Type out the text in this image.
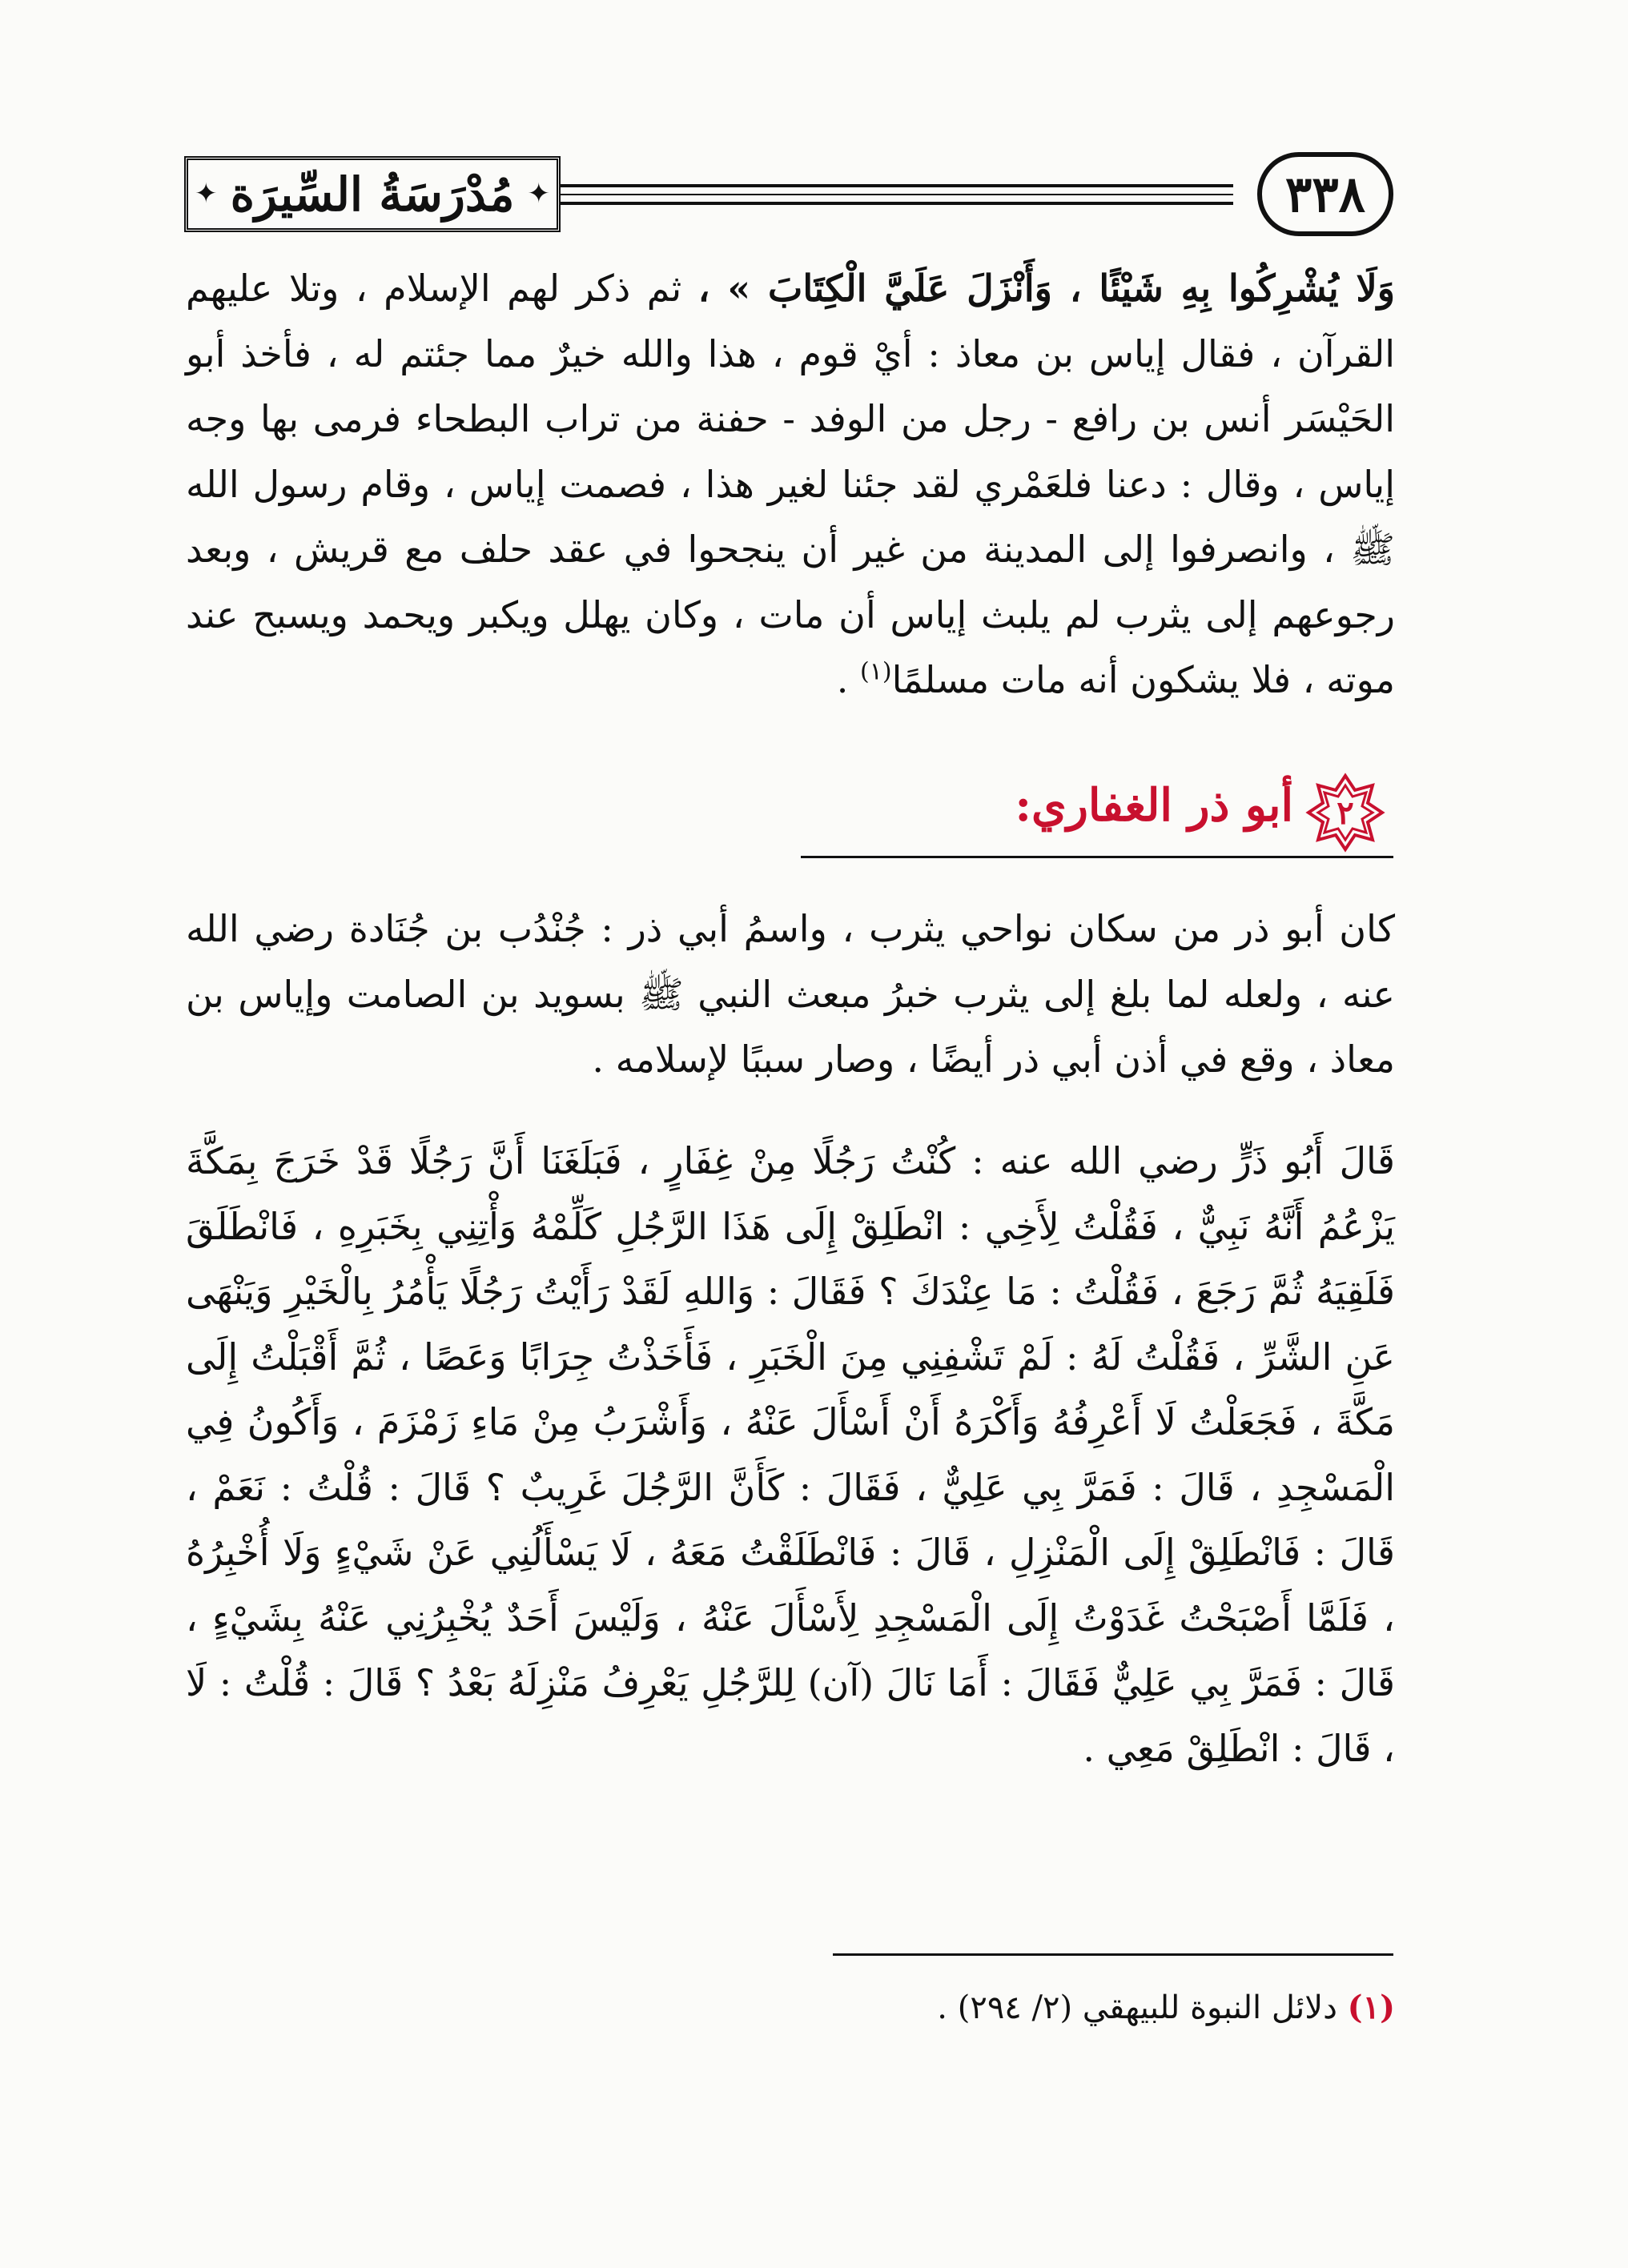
✦ مُدْرَسَةُ السِّيرَة
✦	٣٣٨
وَلَا يُشْرِكُوا بِهِ شَيْئًا ، وَأَنْزَلَ عَلَيَّ الْكِتَابَ » ، ثم ذكر لهم الإسلام ، وتلا عليهم القرآن ، فقال إياس بن معاذ : أيْ قوم ، هذا والله خيرٌ مما جئتم له ، فأخذ أبو الحَيْسَر أنس بن رافع - رجل من الوفد - حفنة من تراب البطحاء فرمى بها وجه إياس ، وقال : دعنا فلعَمْري لقد جئنا لغير هذا ، فصمت إياس ، وقام رسول الله ﷺ ، وانصرفوا إلى المدينة من غير أن ينجحوا في عقد حلف مع قريش ، وبعد رجوعهم إلى يثرب لم يلبث إياس أن مات ، وكان يهلل ويكبر ويحمد ويسبح عند موته ، فلا يشكون أنه مات مسلمًا$^{(١)}$ .
٢
أبو ذر الغفاري:
كان أبو ذر من سكان نواحي يثرب ، واسمُ أبي ذر : جُنْدُب بن جُنَادة رضي الله عنه ، ولعله لما بلغ إلى يثرب خبرُ مبعث النبي ﷺ بسويد بن الصامت وإياس بن معاذ ، وقع في أذن أبي ذر أيضًا ، وصار سببًا لإسلامه .
قَالَ أَبُو ذَرٍّ رضي الله عنه : كُنْتُ رَجُلًا مِنْ غِفَارٍ ، فَبَلَغَنَا أَنَّ رَجُلًا قَدْ خَرَجَ بِمَكَّةَ يَزْعُمُ أَنَّهُ نَبِيٌّ ، فَقُلْتُ لِأَخِي : انْطَلِقْ إِلَى هَذَا الرَّجُلِ كَلِّمْهُ وَأْتِنِي بِخَبَرِهِ ، فَانْطَلَقَ فَلَقِيَهُ ثُمَّ رَجَعَ ، فَقُلْتُ : مَا عِنْدَكَ ؟ فَقَالَ : وَاللهِ لَقَدْ رَأَيْتُ رَجُلًا يَأْمُرُ بِالْخَيْرِ وَيَنْهَى عَنِ الشَّرِّ ، فَقُلْتُ لَهُ : لَمْ تَشْفِنِي مِنَ الْخَبَرِ ، فَأَخَذْتُ جِرَابًا وَعَصًا ، ثُمَّ أَقْبَلْتُ إِلَى مَكَّةَ ، فَجَعَلْتُ لَا أَعْرِفُهُ وَأَكْرَهُ أَنْ أَسْأَلَ عَنْهُ ، وَأَشْرَبُ مِنْ مَاءِ زَمْزَمَ ، وَأَكُونُ فِي الْمَسْجِدِ ، قَالَ : فَمَرَّ بِي عَلِيٌّ ، فَقَالَ : كَأَنَّ الرَّجُلَ غَرِيبٌ ؟ قَالَ : قُلْتُ : نَعَمْ ، قَالَ : فَانْطَلِقْ إِلَى الْمَنْزِلِ ، قَالَ : فَانْطَلَقْتُ مَعَهُ ، لَا يَسْأَلُنِي عَنْ شَيْءٍ وَلَا أُخْبِرُهُ ، فَلَمَّا أَصْبَحْتُ غَدَوْتُ إِلَى الْمَسْجِدِ لِأَسْأَلَ عَنْهُ ، وَلَيْسَ أَحَدٌ يُخْبِرُنِي عَنْهُ بِشَيْءٍ ، قَالَ : فَمَرَّ بِي عَلِيٌّ فَقَالَ : أَمَا نَالَ (آن) لِلرَّجُلِ يَعْرِفُ مَنْزِلَهُ بَعْدُ ؟ قَالَ : قُلْتُ : لَا ، قَالَ : انْطَلِقْ مَعِي .
(١) دلائل النبوة للبيهقي (٢/ ٢٩٤) .
